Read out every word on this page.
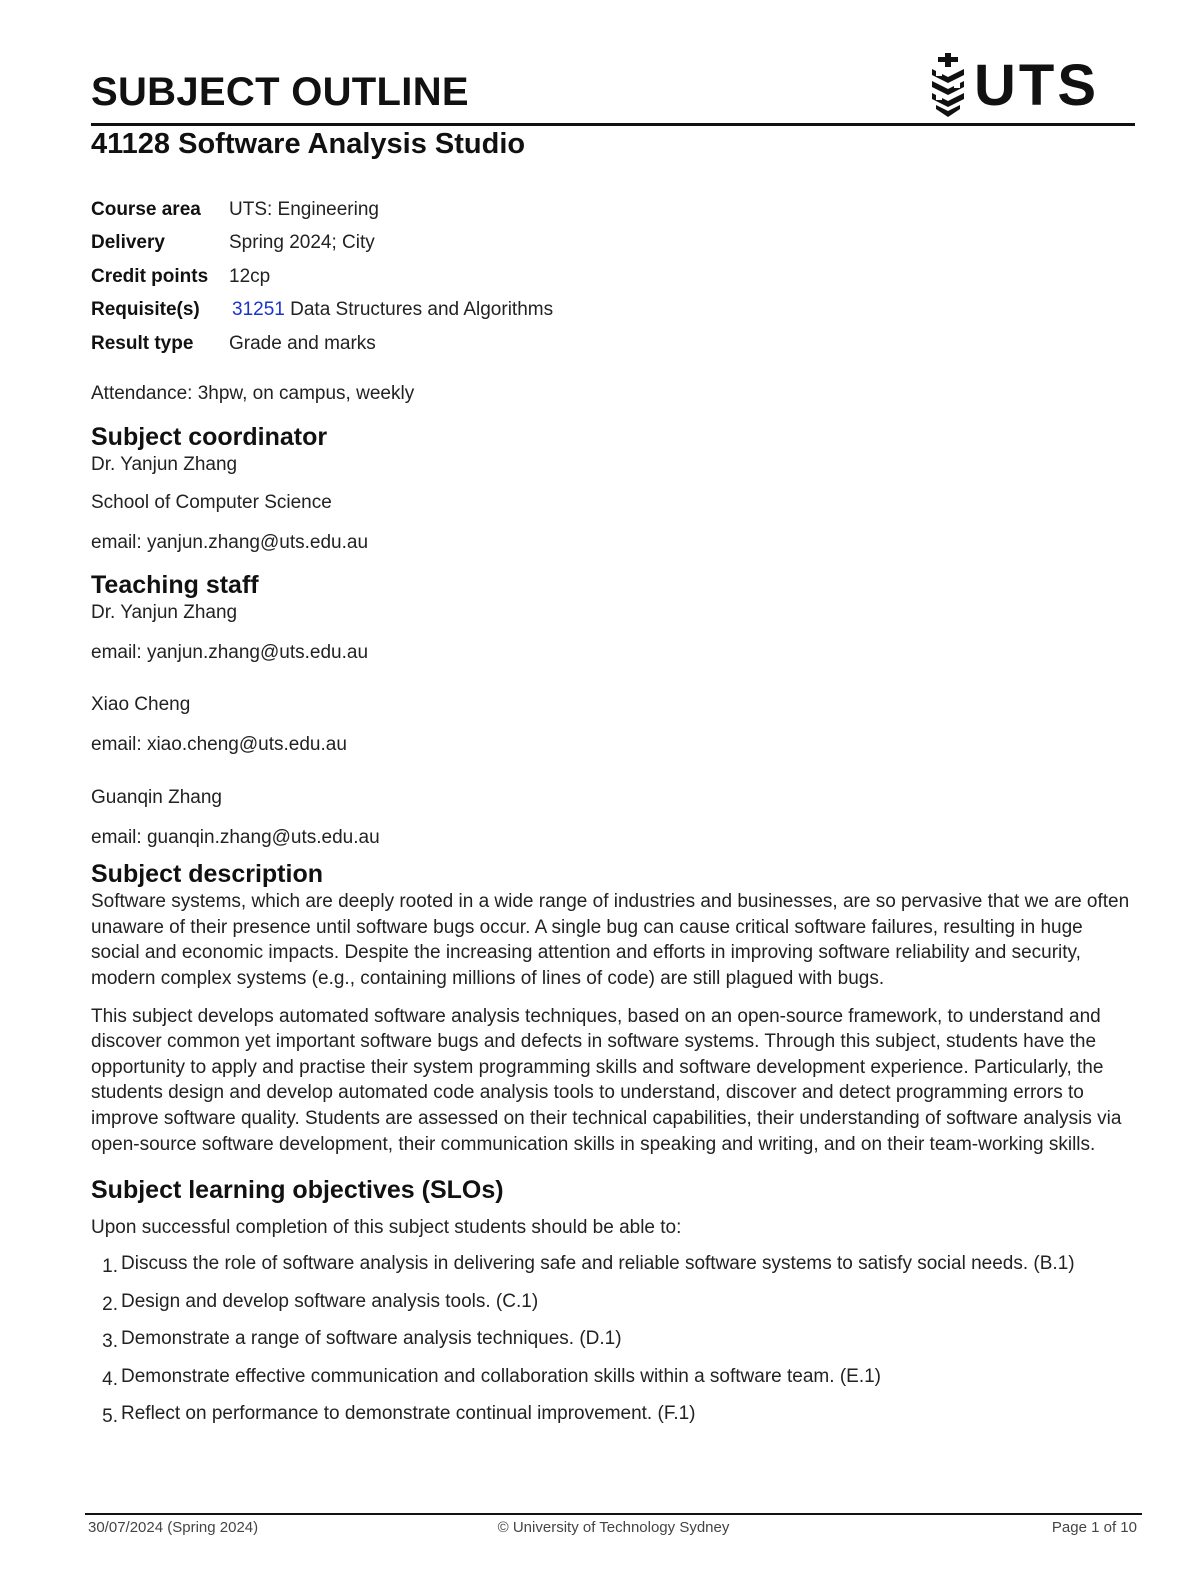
SUBJECT OUTLINE	UTS
41128 Software Analysis Studio
Course area	UTS: Engineering
Delivery	Spring 2024; City
Credit points	12cp
Requisite(s)	31251 Data Structures and Algorithms
Result type	Grade and marks

Attendance: 3hpw, on campus, weekly

Subject coordinator

Dr. Yanjun Zhang

School of Computer Science

email: yanjun.zhang@uts.edu.au

Teaching staff

Dr. Yanjun Zhang

email: yanjun.zhang@uts.edu.au

Xiao Cheng

email: xiao.cheng@uts.edu.au

Guanqin Zhang

email: guanqin.zhang@uts.edu.au

Subject description

Software systems, which are deeply rooted in a wide range of industries and businesses, are so pervasive that we are often unaware of their presence until software bugs occur. A single bug can cause critical software failures, resulting in huge social and economic impacts. Despite the increasing attention and efforts in improving software reliability and security, modern complex systems (e.g., containing millions of lines of code) are still plagued with bugs.

This subject develops automated software analysis techniques, based on an open-source framework, to understand and discover common yet important software bugs and defects in software systems. Through this subject, students have the opportunity to apply and practise their system programming skills and software development experience. Particularly, the students design and develop automated code analysis tools to understand, discover and detect programming errors to improve software quality. Students are assessed on their technical capabilities, their understanding of software analysis via open-source software development, their communication skills in speaking and writing, and on their team-working skills.

Subject learning objectives (SLOs)

Upon successful completion of this subject students should be able to:

1. Discuss the role of software analysis in delivering safe and reliable software systems to satisfy social needs. (B.1)
2. Design and develop software analysis tools. (C.1)
3. Demonstrate a range of software analysis techniques. (D.1)
4. Demonstrate effective communication and collaboration skills within a software team. (E.1)
5. Reflect on performance to demonstrate continual improvement. (F.1)
30/07/2024 (Spring 2024)	© University of Technology Sydney	Page 1 of 10
